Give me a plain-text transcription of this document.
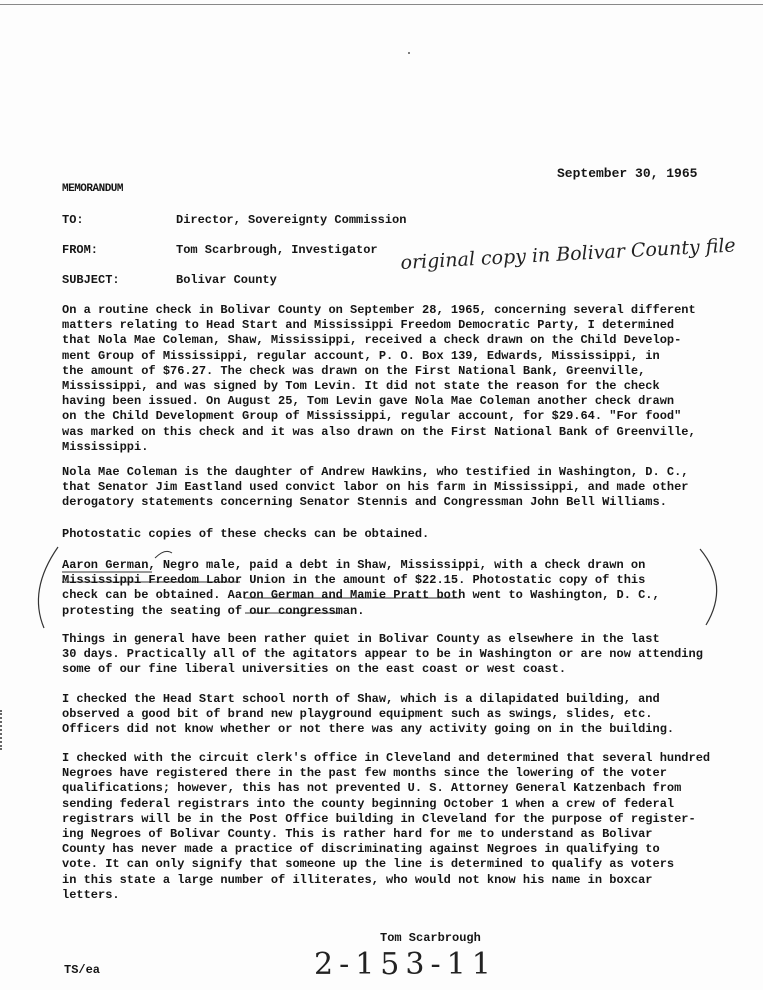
September 30, 1965
MEMORANDUM
TO:	Director, Sovereignty Commission
FROM:	Tom Scarbrough, Investigator
SUBJECT:	Bolivar County
original copy in Bolivar County file

On a routine check in Bolivar County on September 28, 1965, concerning several different

matters relating to Head Start and Mississippi Freedom Democratic Party, I determined

that Nola Mae Coleman, Shaw, Mississippi, received a check drawn on the Child Develop-

ment Group of Mississippi, regular account, P. O. Box 139, Edwards, Mississippi, in

the amount of $76.27. The check was drawn on the First National Bank, Greenville,

Mississippi, and was signed by Tom Levin. It did not state the reason for the check

having been issued. On August 25, Tom Levin gave Nola Mae Coleman another check drawn

on the Child Development Group of Mississippi, regular account, for $29.64. "For food"

was marked on this check and it was also drawn on the First National Bank of Greenville,

Mississippi.

Nola Mae Coleman is the daughter of Andrew Hawkins, who testified in Washington, D. C.,

that Senator Jim Eastland used convict labor on his farm in Mississippi, and made other

derogatory statements concerning Senator Stennis and Congressman John Bell Williams.

Photostatic copies of these checks can be obtained.

Aaron German, Negro male, paid a debt in Shaw, Mississippi, with a check drawn on

Mississippi Freedom Labor Union in the amount of $22.15. Photostatic copy of this

check can be obtained. Aaron German and Mamie Pratt both went to Washington, D. C.,

protesting the seating of our congressman.

Things in general have been rather quiet in Bolivar County as elsewhere in the last

30 days. Practically all of the agitators appear to be in Washington or are now attending

some of our fine liberal universities on the east coast or west coast.

I checked the Head Start school north of Shaw, which is a dilapidated building, and

observed a good bit of brand new playground equipment such as swings, slides, etc.

Officers did not know whether or not there was any activity going on in the building.

I checked with the circuit clerk's office in Cleveland and determined that several hundred

Negroes have registered there in the past few months since the lowering of the voter

qualifications; however, this has not prevented U. S. Attorney General Katzenbach from

sending federal registrars into the county beginning October 1 when a crew of federal

registrars will be in the Post Office building in Cleveland for the purpose of register-

ing Negroes of Bolivar County. This is rather hard for me to understand as Bolivar

County has never made a practice of discriminating against Negroes in qualifying to

vote. It can only signify that someone up the line is determined to qualify as voters

in this state a large number of illiterates, who would not know his name in boxcar

letters.

Tom Scarbrough
TS/ea	2-153-11
